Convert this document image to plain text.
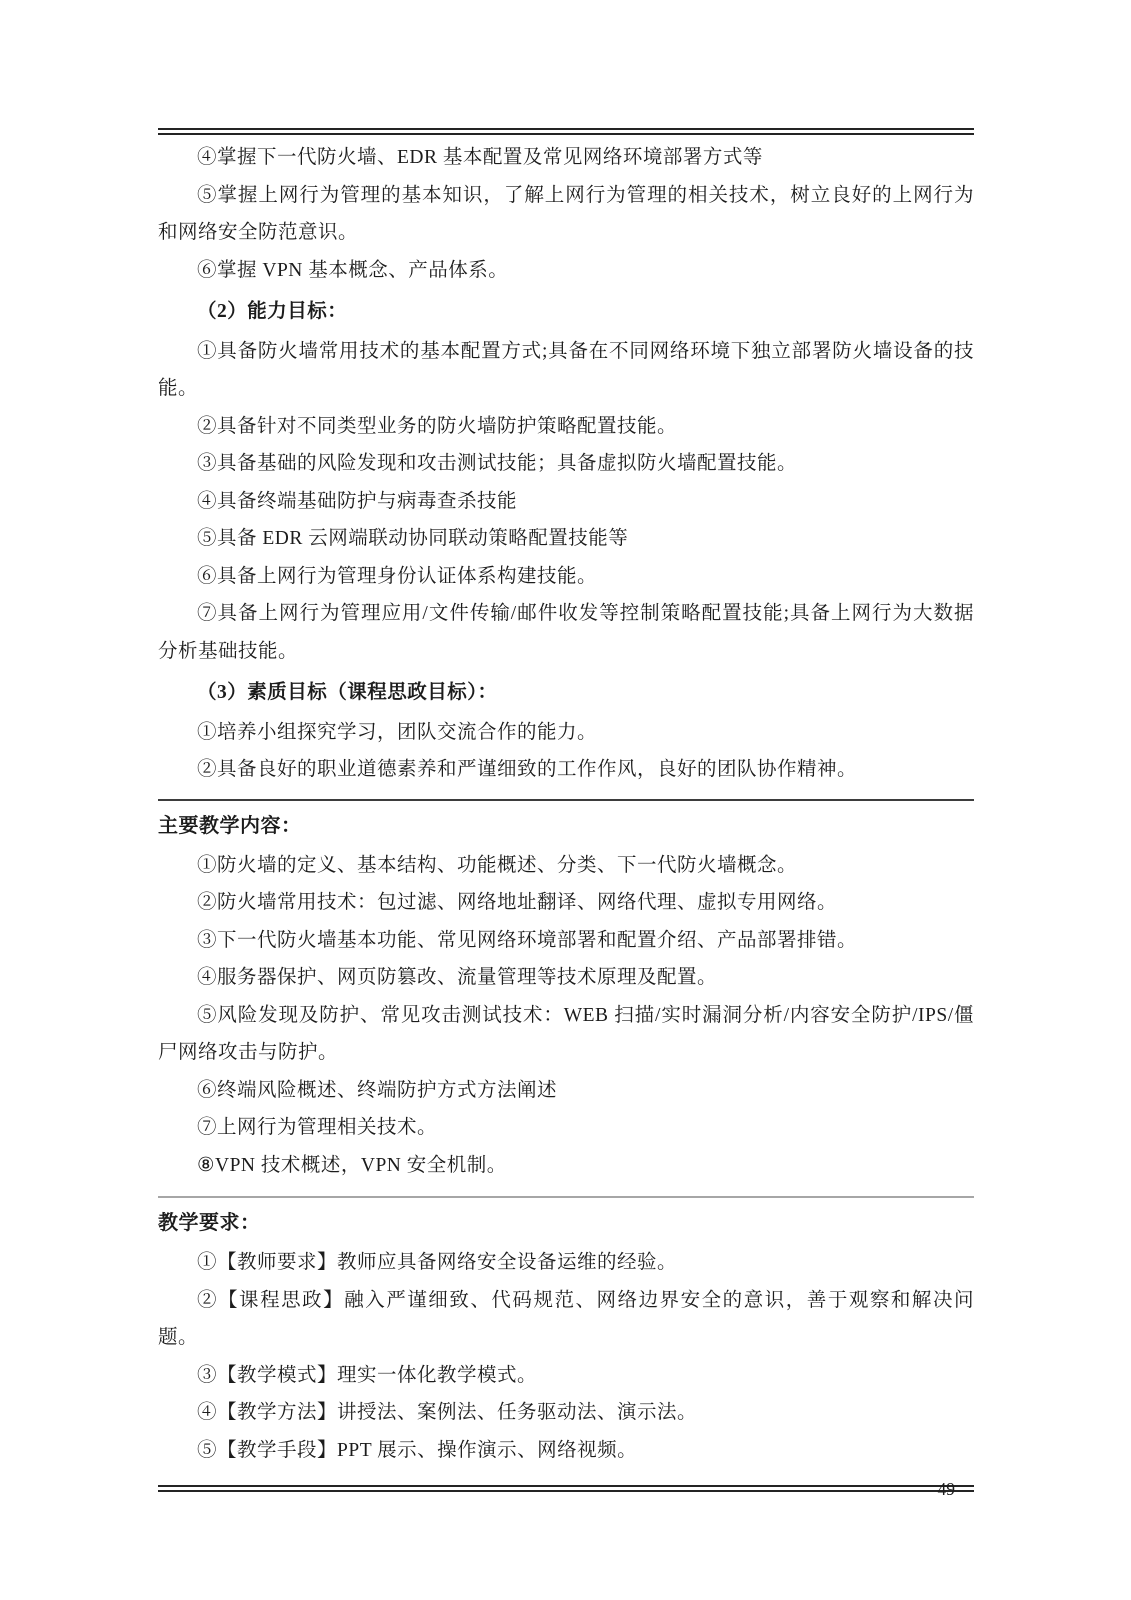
④掌握下一代防火墙、EDR 基本配置及常见网络环境部署方式等

⑤掌握上网行为管理的基本知识，了解上网行为管理的相关技术，树立良好的上网行为和网络安全防范意识。

⑥掌握 VPN 基本概念、产品体系。

（2）能力目标：

①具备防火墙常用技术的基本配置方式;具备在不同网络环境下独立部署防火墙设备的技能。

②具备针对不同类型业务的防火墙防护策略配置技能。

③具备基础的风险发现和攻击测试技能；具备虚拟防火墙配置技能。

④具备终端基础防护与病毒查杀技能

⑤具备 EDR 云网端联动协同联动策略配置技能等

⑥具备上网行为管理身份认证体系构建技能。

⑦具备上网行为管理应用/文件传输/邮件收发等控制策略配置技能;具备上网行为大数据分析基础技能。

（3）素质目标（课程思政目标）：

①培养小组探究学习，团队交流合作的能力。

②具备良好的职业道德素养和严谨细致的工作作风，良好的团队协作精神。

主要教学内容：

①防火墙的定义、基本结构、功能概述、分类、下一代防火墙概念。

②防火墙常用技术：包过滤、网络地址翻译、网络代理、虚拟专用网络。

③下一代防火墙基本功能、常见网络环境部署和配置介绍、产品部署排错。

④服务器保护、网页防篡改、流量管理等技术原理及配置。

⑤风险发现及防护、常见攻击测试技术：WEB 扫描/实时漏洞分析/内容安全防护/IPS/僵尸网络攻击与防护。

⑥终端风险概述、终端防护方式方法阐述

⑦上网行为管理相关技术。

⑧VPN 技术概述，VPN 安全机制。

教学要求：

①【教师要求】教师应具备网络安全设备运维的经验。

②【课程思政】融入严谨细致、代码规范、网络边界安全的意识，善于观察和解决问题。

③【教学模式】理实一体化教学模式。

④【教学方法】讲授法、案例法、任务驱动法、演示法。

⑤【教学手段】PPT 展示、操作演示、网络视频。

49
